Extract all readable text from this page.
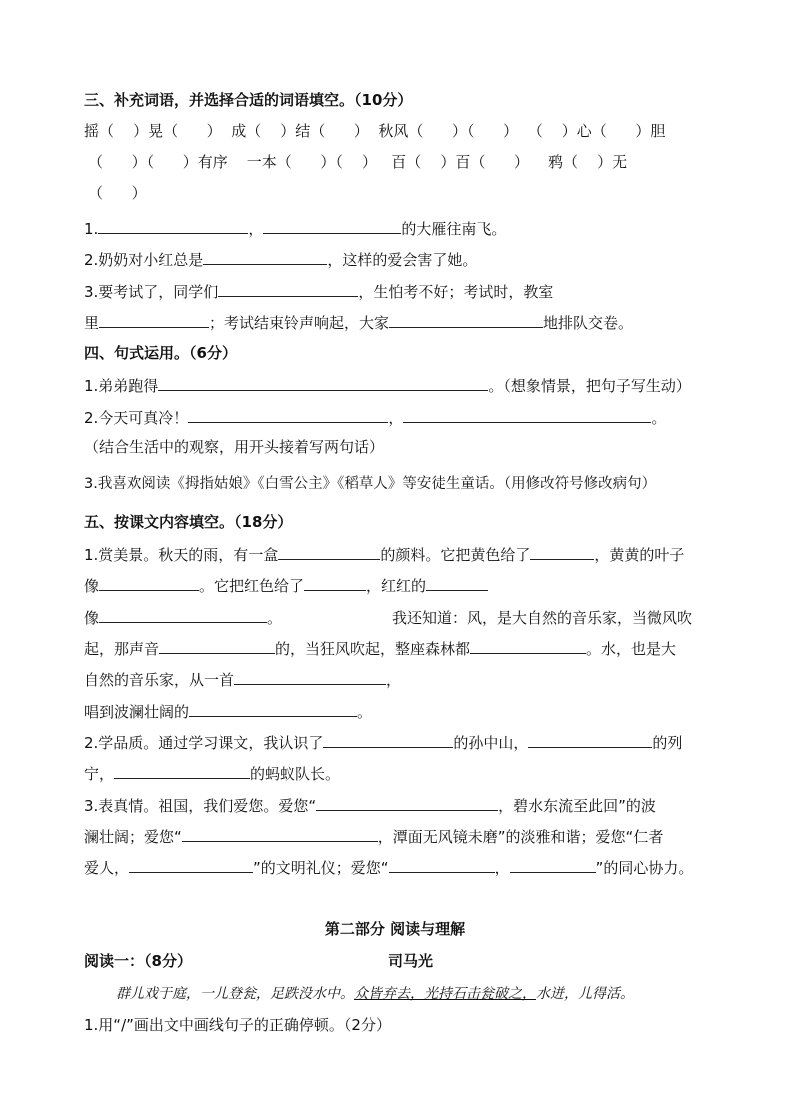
三、补充词语，并选择合适的词语填空。（10分）
摇（    ）晃（      ）  成（    ）结（      ）  秋风（      ）（      ）  （    ）心（      ）胆
（      ）（      ）有序    一本（      ）（    ）   百（    ）百（      ）    鸦（    ）无
（      ）
1.	，	的大雁往南飞。
2.奶奶对小红总是	，这样的爱会害了她。
3.要考试了，同学们	，生怕考不好；考试时，教室
里	；考试结束铃声响起，大家	地排队交卷。
四、句式运用。（6分）
1.弟弟跑得	。（想象情景，把句子写生动）
2.今天可真冷！	，	。
（结合生活中的观察，用开头接着写两句话）
3.我喜欢阅读《拇指姑娘》《白雪公主》《稻草人》等安徒生童话。（用修改符号修改病句）
五、按课文内容填空。（18分）
1.赏美景。秋天的雨，有一盒	的颜料。它把黄色给了	，黄黄的叶子
像	。它把红色给了	，红红的
像	。	我还知道：风，是大自然的音乐家，当微风吹
起，那声音	的，当狂风吹起，整座森林都	。水，也是大
自然的音乐家，从一首	，
唱到波澜壮阔的	。
2.学品质。通过学习课文，我认识了	的孙中山，	的列
宁，	的蚂蚁队长。
3.表真情。祖国，我们爱您。爱您“	，碧水东流至此回”的波
澜壮阔；爱您“	，潭面无风镜未磨”的淡雅和谐；爱您“仁者
爱人，	”的文明礼仪；爱您“	，	”的同心协力。
第二部分 阅读与理解
阅读一：（8分）	司马光
群儿戏于庭，一儿登瓮，足跌没水中。众皆弃去，光持石击瓮破之，水迸，儿得活。
1.用“/”画出文中画线句子的正确停顿。（2分）
